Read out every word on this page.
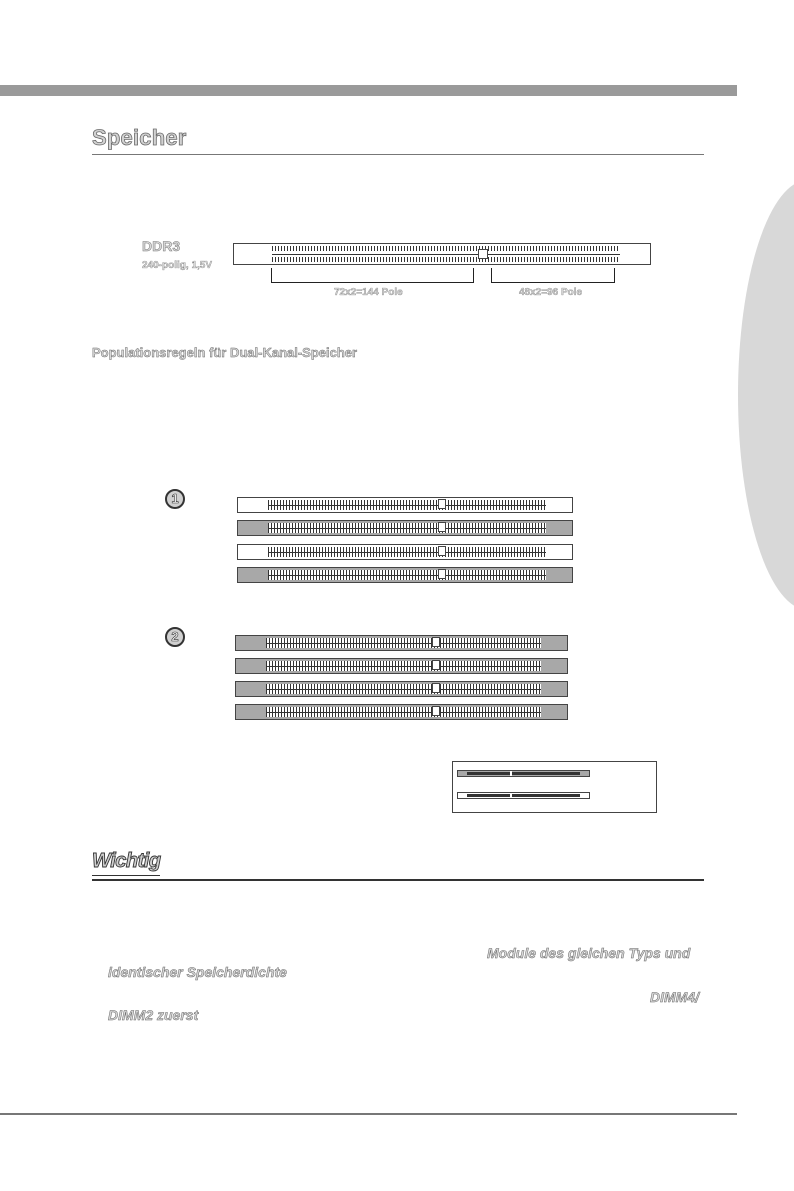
Speicher
DDR3
240-polig, 1,5V
72x2=144 Pole	48x2=96 Pole
Populationsregeln für Dual-Kanal-Speicher
1
2
Wichtig
Module des gleichen Typs und
identischer Speicherdichte
DIMM4/
DIMM2 zuerst
